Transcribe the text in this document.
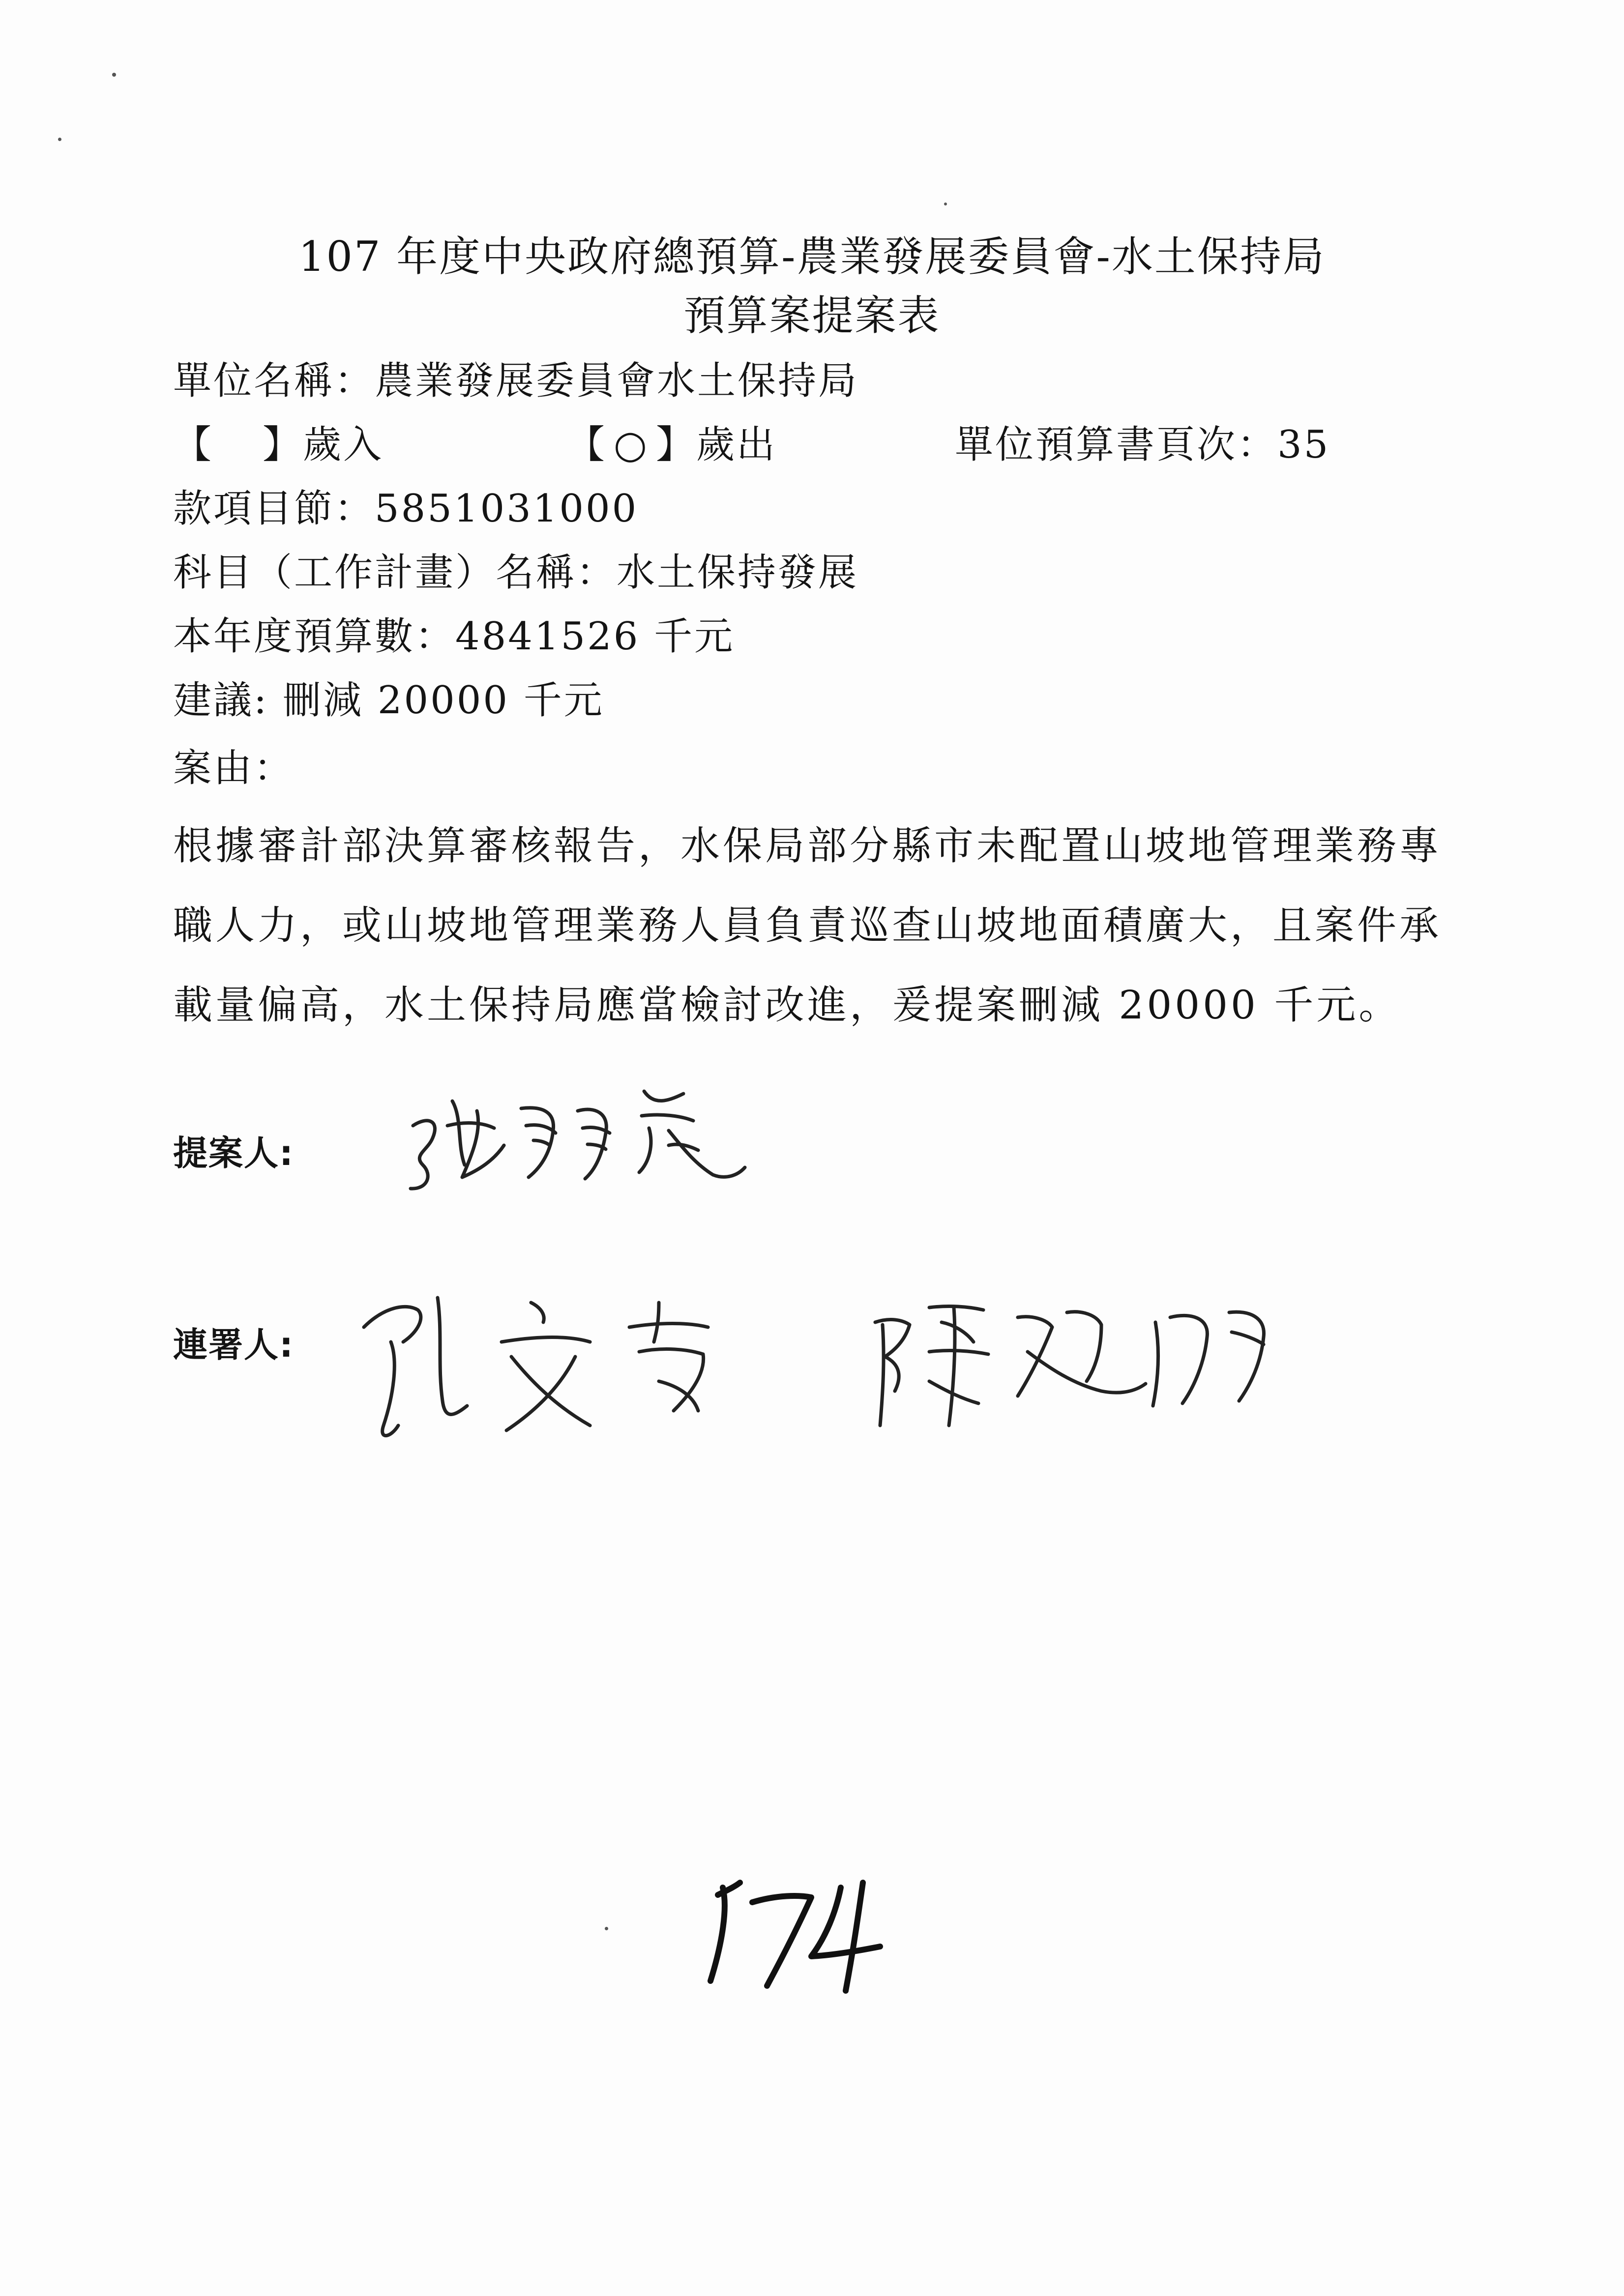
107 年度中央政府總預算-農業發展委員會-水土保持局
預算案提案表
單位名稱：農業發展委員會水土保持局
【 】歲入	【 ○ 】歲出	單位預算書頁次：35
款項目節：5851031000
科目（工作計畫）名稱：水土保持發展
本年度預算數：4841526 千元
建議: 刪減 20000 千元
案由：
根據審計部決算審核報告，水保局部分縣市未配置山坡地管理業務專職人力，或山坡地管理業務人員負責巡查山坡地面積廣大，且案件承載量偏高，水土保持局應當檢討改進，爰提案刪減 20000 千元。
提案人:
連署人:
